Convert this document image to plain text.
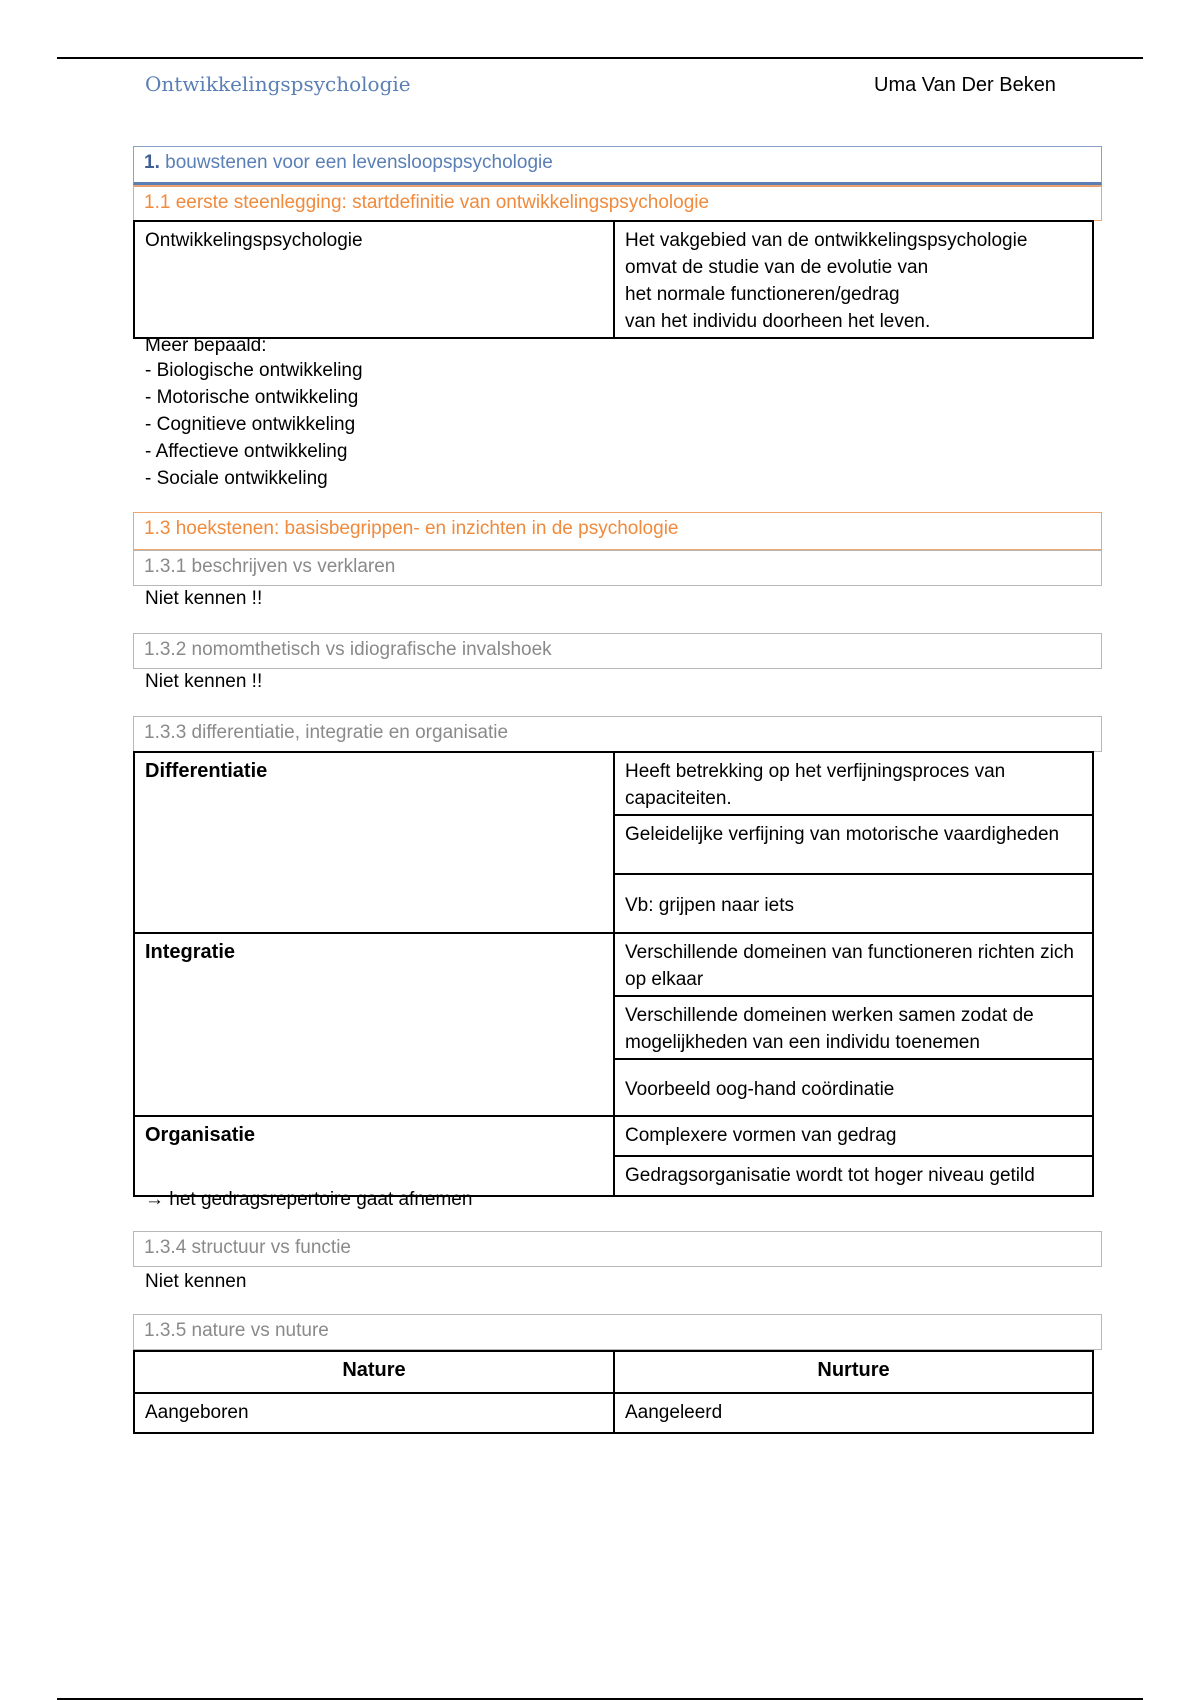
Ontwikkelingspsychologie	Uma Van Der Beken
1. bouwstenen voor een levensloopspsychologie
1.1 eerste steenlegging: startdefinitie van ontwikkelingspsychologie
Ontwikkelingspsychologie	Het vakgebied van de ontwikkelingspsychologie
omvat de studie van de evolutie van
het normale functioneren/gedrag
van het individu doorheen het leven.
Meer bepaald:
- Biologische ontwikkeling
- Motorische ontwikkeling
- Cognitieve ontwikkeling
- Affectieve ontwikkeling
- Sociale ontwikkeling
1.3 hoekstenen: basisbegrippen- en inzichten in de psychologie
1.3.1 beschrijven vs verklaren
Niet kennen !!
1.3.2 nomomthetisch vs idiografische invalshoek
Niet kennen !!
1.3.3 differentiatie, integratie en organisatie
Differentiatie	Heeft betrekking op het verfijningsproces van capaciteiten.
	Geleidelijke verfijning van motorische vaardigheden
	Vb: grijpen naar iets
Integratie	Verschillende domeinen van functioneren richten zich op elkaar
	Verschillende domeinen werken samen zodat de mogelijkheden van een individu toenemen
	Voorbeeld oog-hand coördinatie
Organisatie	Complexere vormen van gedrag
	Gedragsorganisatie wordt tot hoger niveau getild
→ het gedragsrepertoire gaat afnemen
1.3.4 structuur vs functie
Niet kennen
1.3.5 nature vs nuture
Nature	Nurture
Aangeboren	Aangeleerd
